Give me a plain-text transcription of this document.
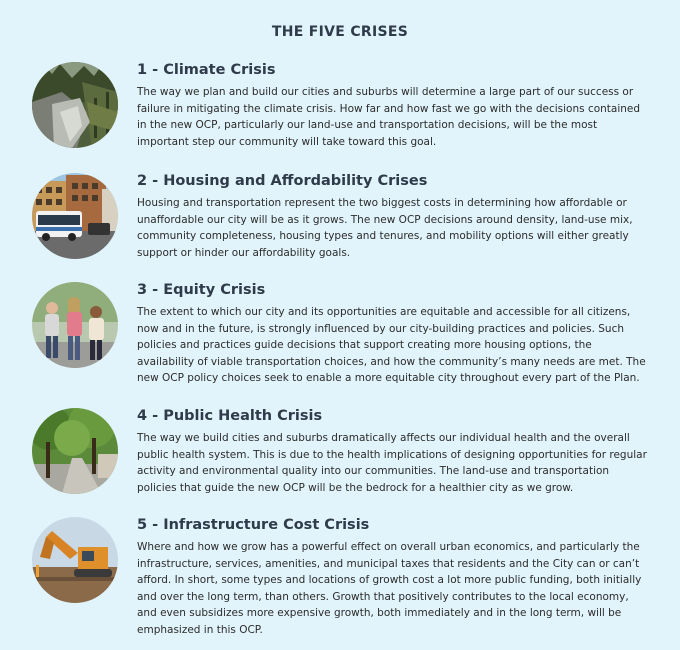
THE FIVE CRISES
1 - Climate Crisis
The way we plan and build our cities and suburbs will determine a large part of our success or failure in mitigating the climate crisis. How far and how fast we go with the decisions contained in the new OCP, particularly our land-use and transportation decisions, will be the most important step our community will take toward this goal.
2 - Housing and Affordability Crises
Housing and transportation represent the two biggest costs in determining how affordable or unaffordable our city will be as it grows. The new OCP decisions around density, land-use mix, community completeness, housing types and tenures, and mobility options will either greatly support or hinder our affordability goals.
3 - Equity Crisis
The extent to which our city and its opportunities are equitable and accessible for all citizens, now and in the future, is strongly influenced by our city-building practices and policies. Such policies and practices guide decisions that support creating more housing options, the availability of viable transportation choices, and how the community’s many needs are met. The new OCP policy choices seek to enable a more equitable city throughout every part of the Plan.
4 - Public Health Crisis
The way we build cities and suburbs dramatically affects our individual health and the overall public health system. This is due to the health implications of designing opportunities for regular activity and environmental quality into our communities. The land-use and transportation policies that guide the new OCP will be the bedrock for a healthier city as we grow.
5 - Infrastructure Cost Crisis
Where and how we grow has a powerful effect on overall urban economics, and particularly the infrastructure, services, amenities, and municipal taxes that residents and the City can or can’t afford. In short, some types and locations of growth cost a lot more public funding, both initially and over the long term, than others. Growth that positively contributes to the local economy, and even subsidizes more expensive growth, both immediately and in the long term, will be emphasized in this OCP.
